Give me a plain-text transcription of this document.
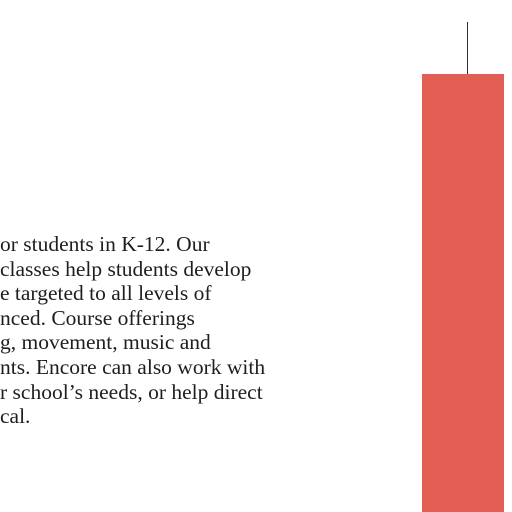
or students in K-12. Our
classes help students develop
e targeted to all levels of
nced. Course offerings
g, movement, music and
nts. Encore can also work with
r school’s needs, or help direct
cal.
